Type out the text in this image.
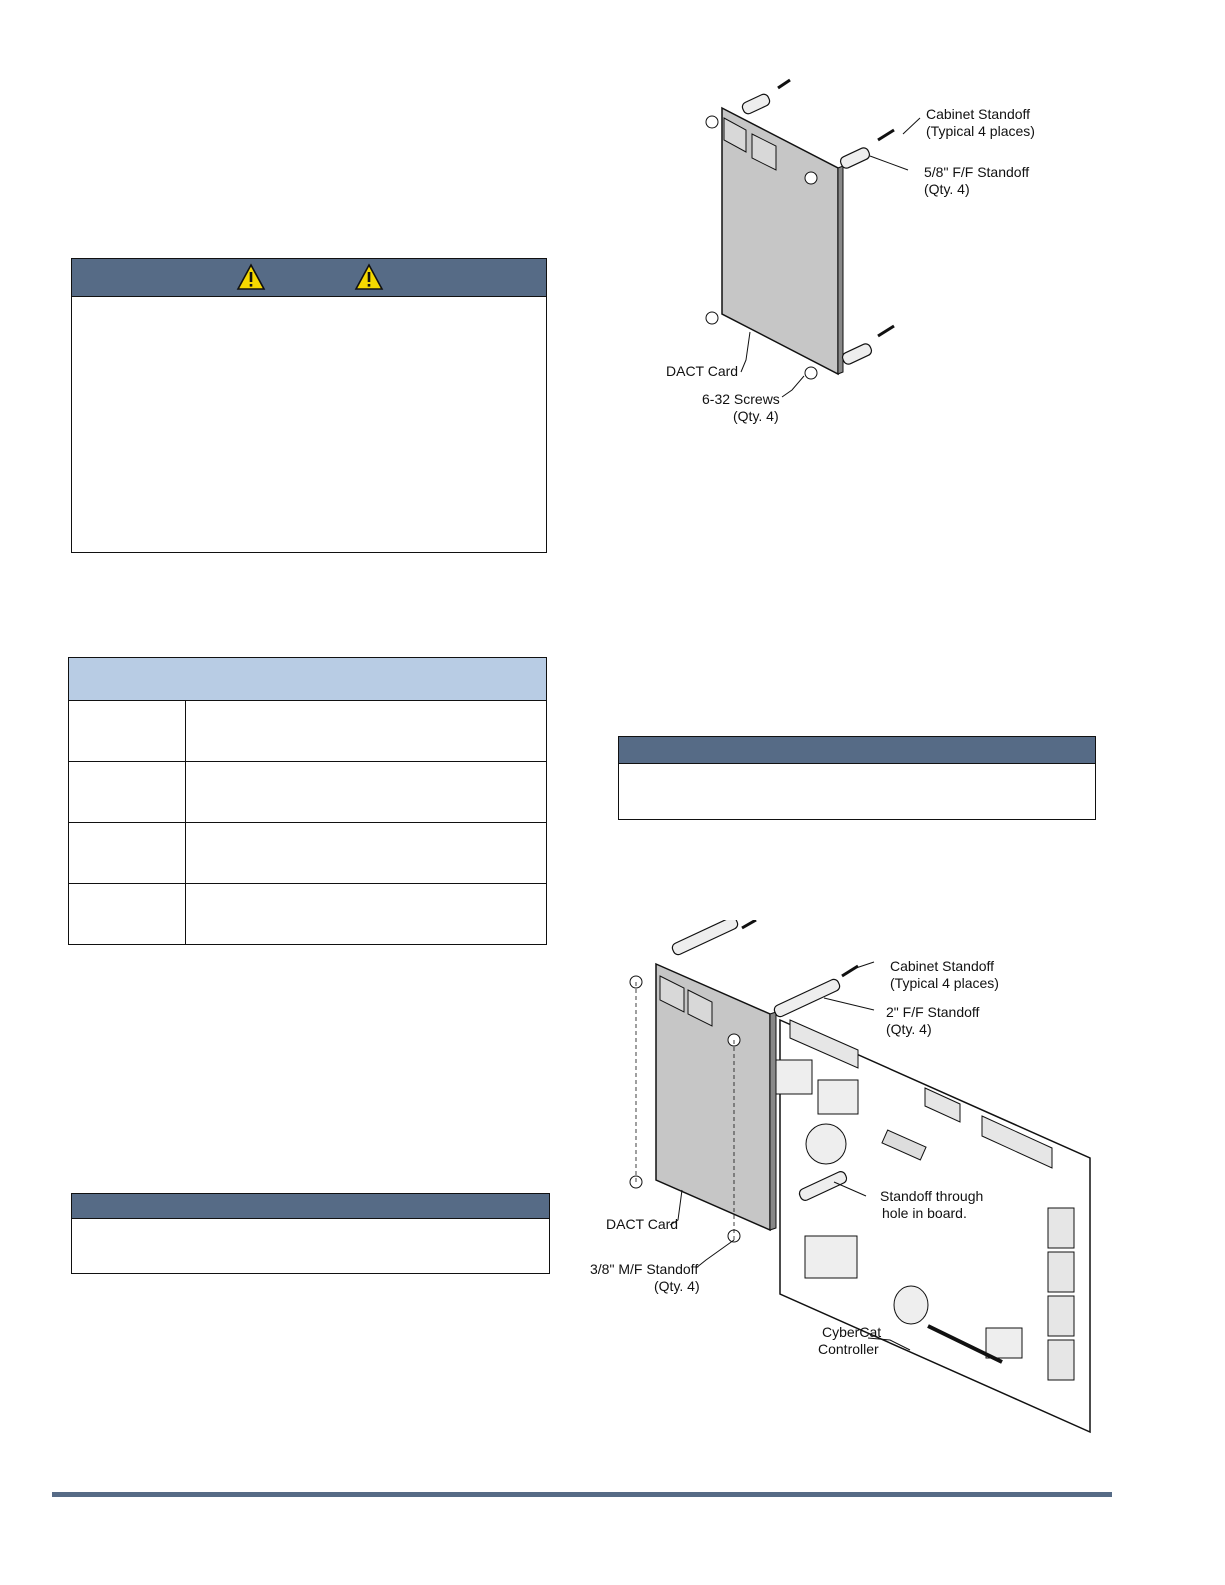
Cabinet Standoff
(Typical 4 places)
5/8" F/F Standoff
(Qty. 4)
DACT Card
6-32 Screws
(Qty. 4)
Cabinet Standoff
(Typical 4 places)
2" F/F Standoff
(Qty. 4)
Standoff through
hole in board.
DACT Card
3/8" M/F Standoff
(Qty. 4)
CyberCat
Controller
